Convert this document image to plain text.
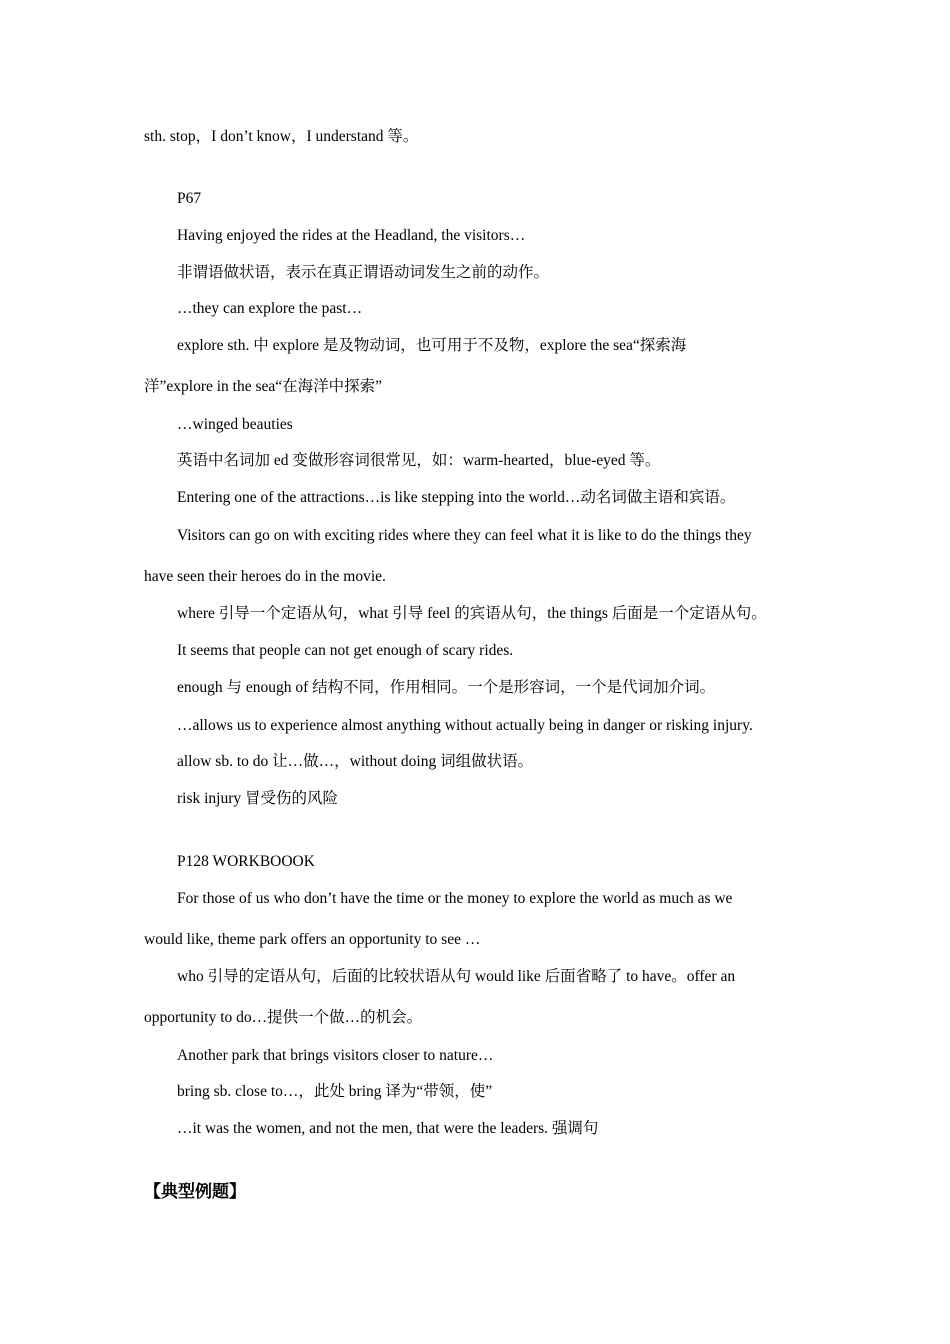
sth. stop，I don’t know，I understand 等。
P67
Having enjoyed the rides at the Headland, the visitors…
非谓语做状语，表示在真正谓语动词发生之前的动作。
…they can explore the past…
explore sth. 中 explore 是及物动词，也可用于不及物，explore the sea“探索海
洋”explore in the sea“在海洋中探索”
…winged beauties
英语中名词加 ed 变做形容词很常见，如：warm-hearted，blue-eyed 等。
Entering one of the attractions…is like stepping into the world…动名词做主语和宾语。
Visitors can go on with exciting rides where they can feel what it is like to do the things they
have seen their heroes do in the movie.
where 引导一个定语从句，what 引导 feel 的宾语从句，the things 后面是一个定语从句。
It seems that people can not get enough of scary rides.
enough 与 enough of 结构不同，作用相同。一个是形容词，一个是代词加介词。
…allows us to experience almost anything without actually being in danger or risking injury.
allow sb. to do 让…做…，without doing 词组做状语。
risk injury 冒受伤的风险
P128 WORKBOOOK
For those of us who don’t have the time or the money to explore the world as much as we
would like, theme park offers an opportunity to see …
who 引导的定语从句，后面的比较状语从句 would like 后面省略了 to have。offer an
opportunity to do…提供一个做…的机会。
Another park that brings visitors closer to nature…
bring sb. close to…，此处 bring 译为“带领，使”
…it was the women, and not the men, that were the leaders. 强调句
【典型例题】
